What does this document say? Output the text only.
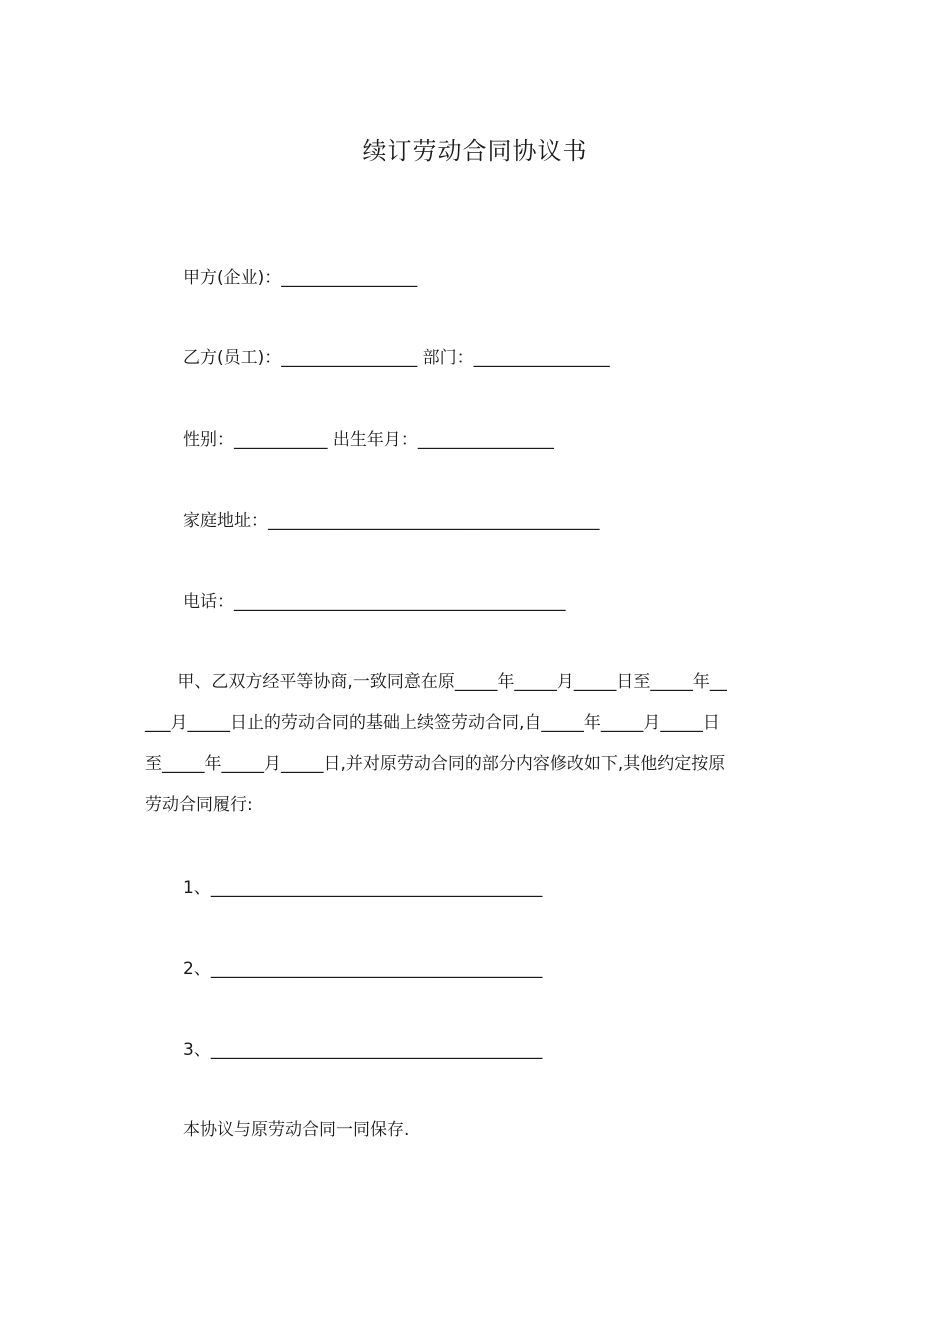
续订劳动合同协议书
甲方(企业)：________________
乙方(员工)：________________ 部门：________________
性别：___________ 出生年月：________________
家庭地址：_______________________________________
电话：_______________________________________
甲、乙双方经平等协商,一致同意在原_____年_____月_____日至_____年__
___月_____日止的劳动合同的基础上续签劳动合同,自_____年_____月_____日
至_____年_____月_____日,并对原劳动合同的部分内容修改如下,其他约定按原
劳动合同履行:
1、_______________________________________
2、_______________________________________
3、_______________________________________
本协议与原劳动合同一同保存.
